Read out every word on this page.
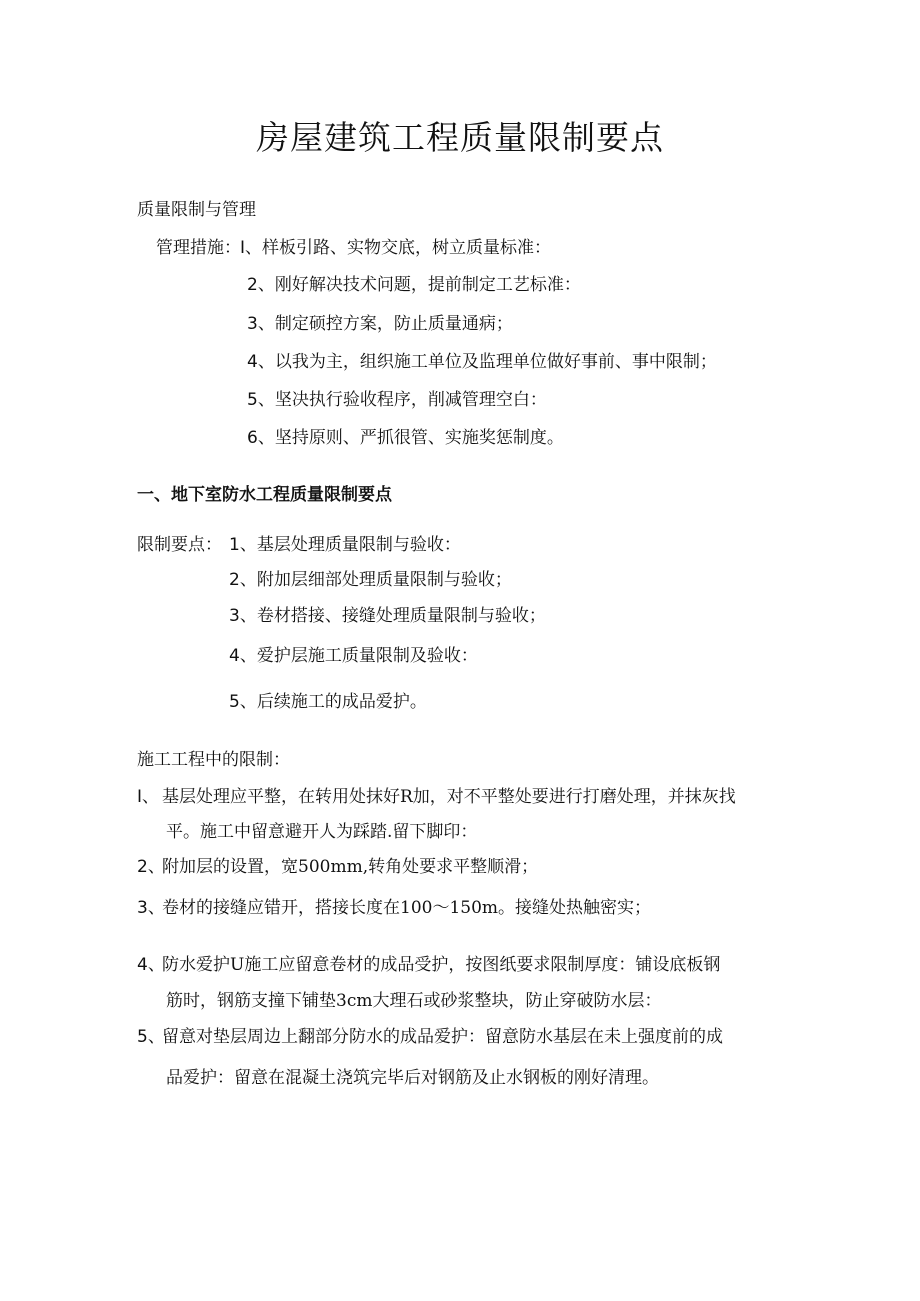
房屋建筑工程质量限制要点
质量限制与管理
管理措施： I、样板引路、实物交底，树立质量标准：
2、刚好解决技术问题，提前制定工艺标准：
3、制定硕控方案，防止质量通病；
4、以我为主，组织施工单位及监理单位做好事前、事中限制；
5、坚决执行验收程序，削减管理空白：
6、坚持原则、严抓很管、实施奖惩制度。
一、地下室防水工程质量限制要点
限制要点： 1、基层处理质量限制与验收：
2、附加层细部处理质量限制与验收；
3、卷材搭接、接缝处理质量限制与验收；
4、爱护层施工质量限制及验收：
5、后续施工的成品爱护。
施工工程中的限制：
I、 基层处理应平整，在转用处抹好R加，对不平整处要进行打磨处理，并抹灰找
平。施工中留意避开人为踩踏.留下脚印：
2、
附加层的设置，宽500mm,转角处要求平整顺滑；
3、
卷材的接缝应错开，搭接长度在100～150m。接缝处热触密实；
4、
防水爱护U施工应留意卷材的成品受护，按图纸要求限制厚度：铺设底板钢
筋时，钢筋支撞下铺垫3cm大理石或砂浆整块，防止穿破防水层：
5、
留意对垫层周边上翻部分防水的成品爱护：留意防水基层在未上强度前的成
品爱护：留意在混凝土浇筑完毕后对钢筋及止水钢板的刚好清理。
